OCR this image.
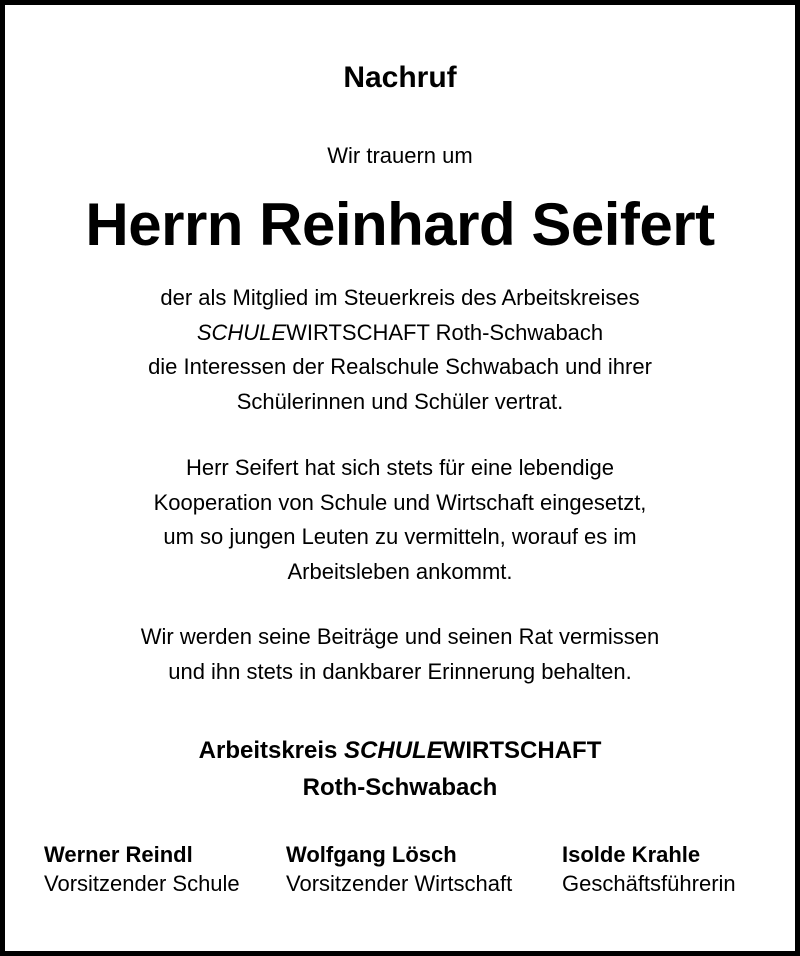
Nachruf
Wir trauern um
Herrn Reinhard Seifert

der als Mitglied im Steuerkreis des Arbeitskreises

SCHULEWIRTSCHAFT Roth-Schwabach

die Interessen der Realschule Schwabach und ihrer

Schülerinnen und Schüler vertrat.

Herr Seifert hat sich stets für eine lebendige

Kooperation von Schule und Wirtschaft eingesetzt,

um so jungen Leuten zu vermitteln, worauf es im

Arbeitsleben ankommt.

Wir werden seine Beiträge und seinen Rat vermissen

und ihn stets in dankbarer Erinnerung behalten.

Arbeitskreis SCHULEWIRTSCHAFT

Roth-Schwabach

Werner Reindl
Vorsitzender Schule
Wolfgang Lösch
Vorsitzender Wirtschaft
Isolde Krahle
Geschäftsführerin
